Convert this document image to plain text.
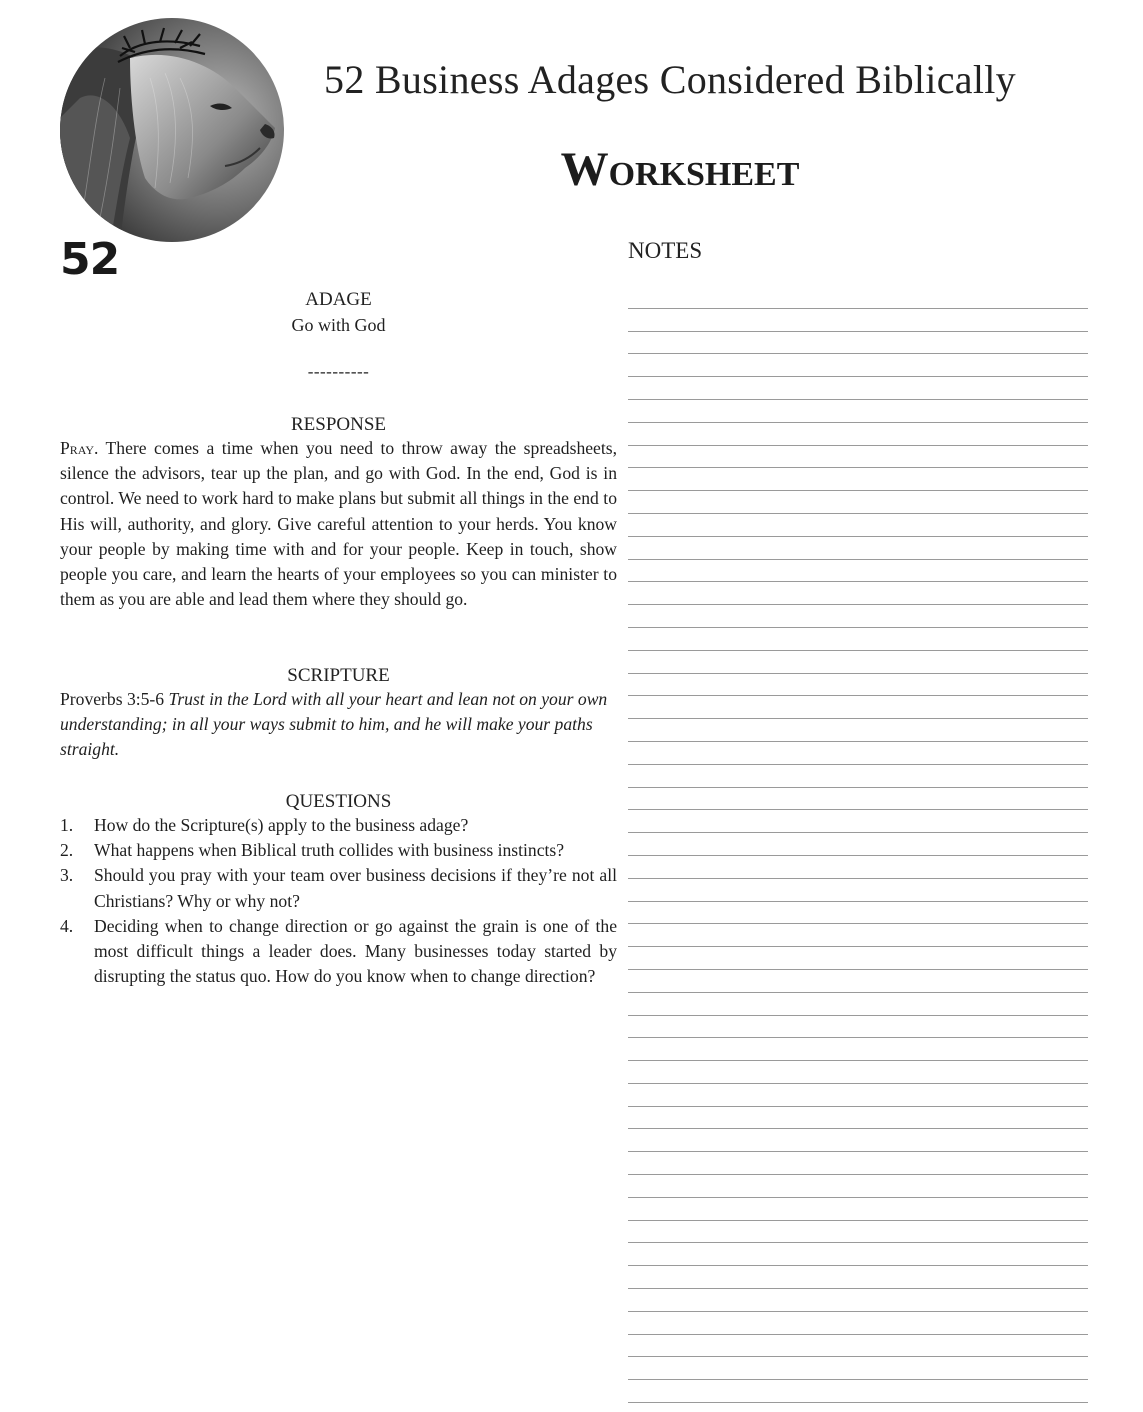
52
52 Business Adages Considered Biblically
Worksheet
NOTES
ADAGE
Go with God
----------
RESPONSE
Pray. There comes a time when you need to throw away the spreadsheets, silence the advisors, tear up the plan, and go with God. In the end, God is in control. We need to work hard to make plans but submit all things in the end to His will, authority, and glory. Give careful attention to your herds. You know your people by making time with and for your people. Keep in touch, show people you care, and learn the hearts of your employees so you can minister to them as you are able and lead them where they should go.
SCRIPTURE
Proverbs 3:5-6 Trust in the Lord with all your heart and lean not on your own understanding; in all your ways submit to him, and he will make your paths straight.
QUESTIONS
1.	How do the Scripture(s) apply to the business adage?
2.	What happens when Biblical truth collides with business instincts?
3.	Should you pray with your team over business decisions if they’re not all Christians? Why or why not?
4.	Deciding when to change direction or go against the grain is one of the most difficult things a leader does. Many businesses today started by disrupting the status quo. How do you know when to change direction?
